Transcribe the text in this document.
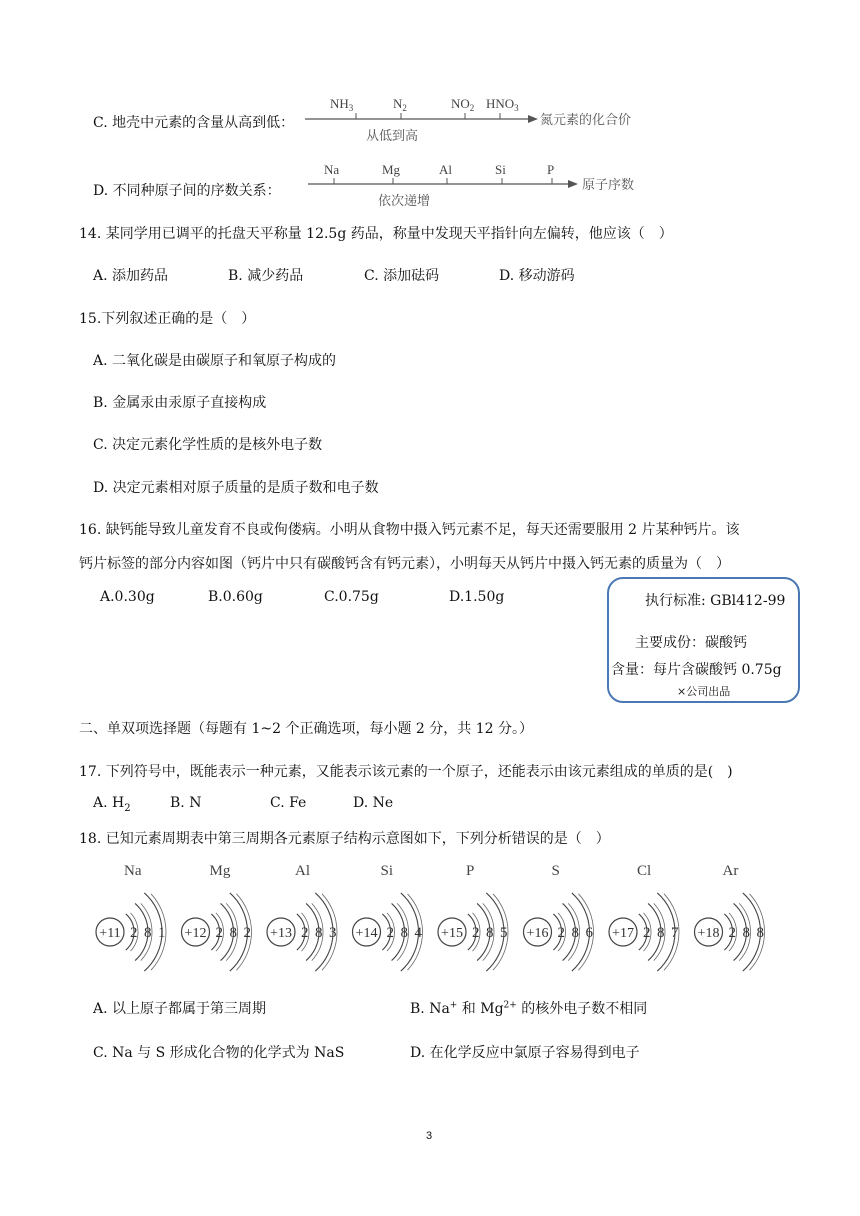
C. 地壳中元素的含量从高到低：
$NH_3$	$N_2$	$NO_2$ $HNO_3$
从低到高
氮元素的化合价
D. 不同种原子间的序数关系：
Na	Mg	Al	Si	P
依次递增
原子序数
14. 某同学用已调平的托盘天平称量 12.5g 药品，称量中发现天平指针向左偏转，他应该（　）
A. 添加药品	B. 减少药品	C. 添加砝码	D. 移动游码
15.下列叙述正确的是（　）
A. 二氧化碳是由碳原子和氧原子构成的
B. 金属汞由汞原子直接构成
C. 决定元素化学性质的是核外电子数
D. 决定元素相对原子质量的是质子数和电子数
16. 缺钙能导致儿童发育不良或佝偻病。小明从食物中摄入钙元素不足，每天还需要服用 2 片某种钙片。该
钙片标签的部分内容如图（钙片中只有碳酸钙含有钙元素），小明每天从钙片中摄入钙无素的质量为（　）
A.0.30g	B.0.60g	C.0.75g	D.1.50g	执行标准: GBl412-99
主要成份：碳酸钙
含量：每片含碳酸钙 0.75g
×公司出品
二、单双项选择题（每题有 1~2 个正确选项，每小题 2 分，共 12 分。）
17. 下列符号中，既能表示一种元素，又能表示该元素的一个原子，还能表示由该元素组成的单质的是(　)
A. $H_2$	B. N	C. Fe	D. Ne
18. 已知元素周期表中第三周期各元素原子结构示意图如下，下列分析错误的是（　）
Na
+11 2 8 1
Mg
+12 2 8 2
Al
+13 2 8 3
Si
+14 2 8 4
P
+15 2 8 5
S
+16 2 8 6
Cl
+17 2 8 7
Ar
+18 2 8 8
A. 以上原子都属于第三周期	B. Na+ 和 $Mg^{2+}$ 的核外电子数不相同
C. Na 与 S 形成化合物的化学式为 NaS	D. 在化学反应中氯原子容易得到电子
3
